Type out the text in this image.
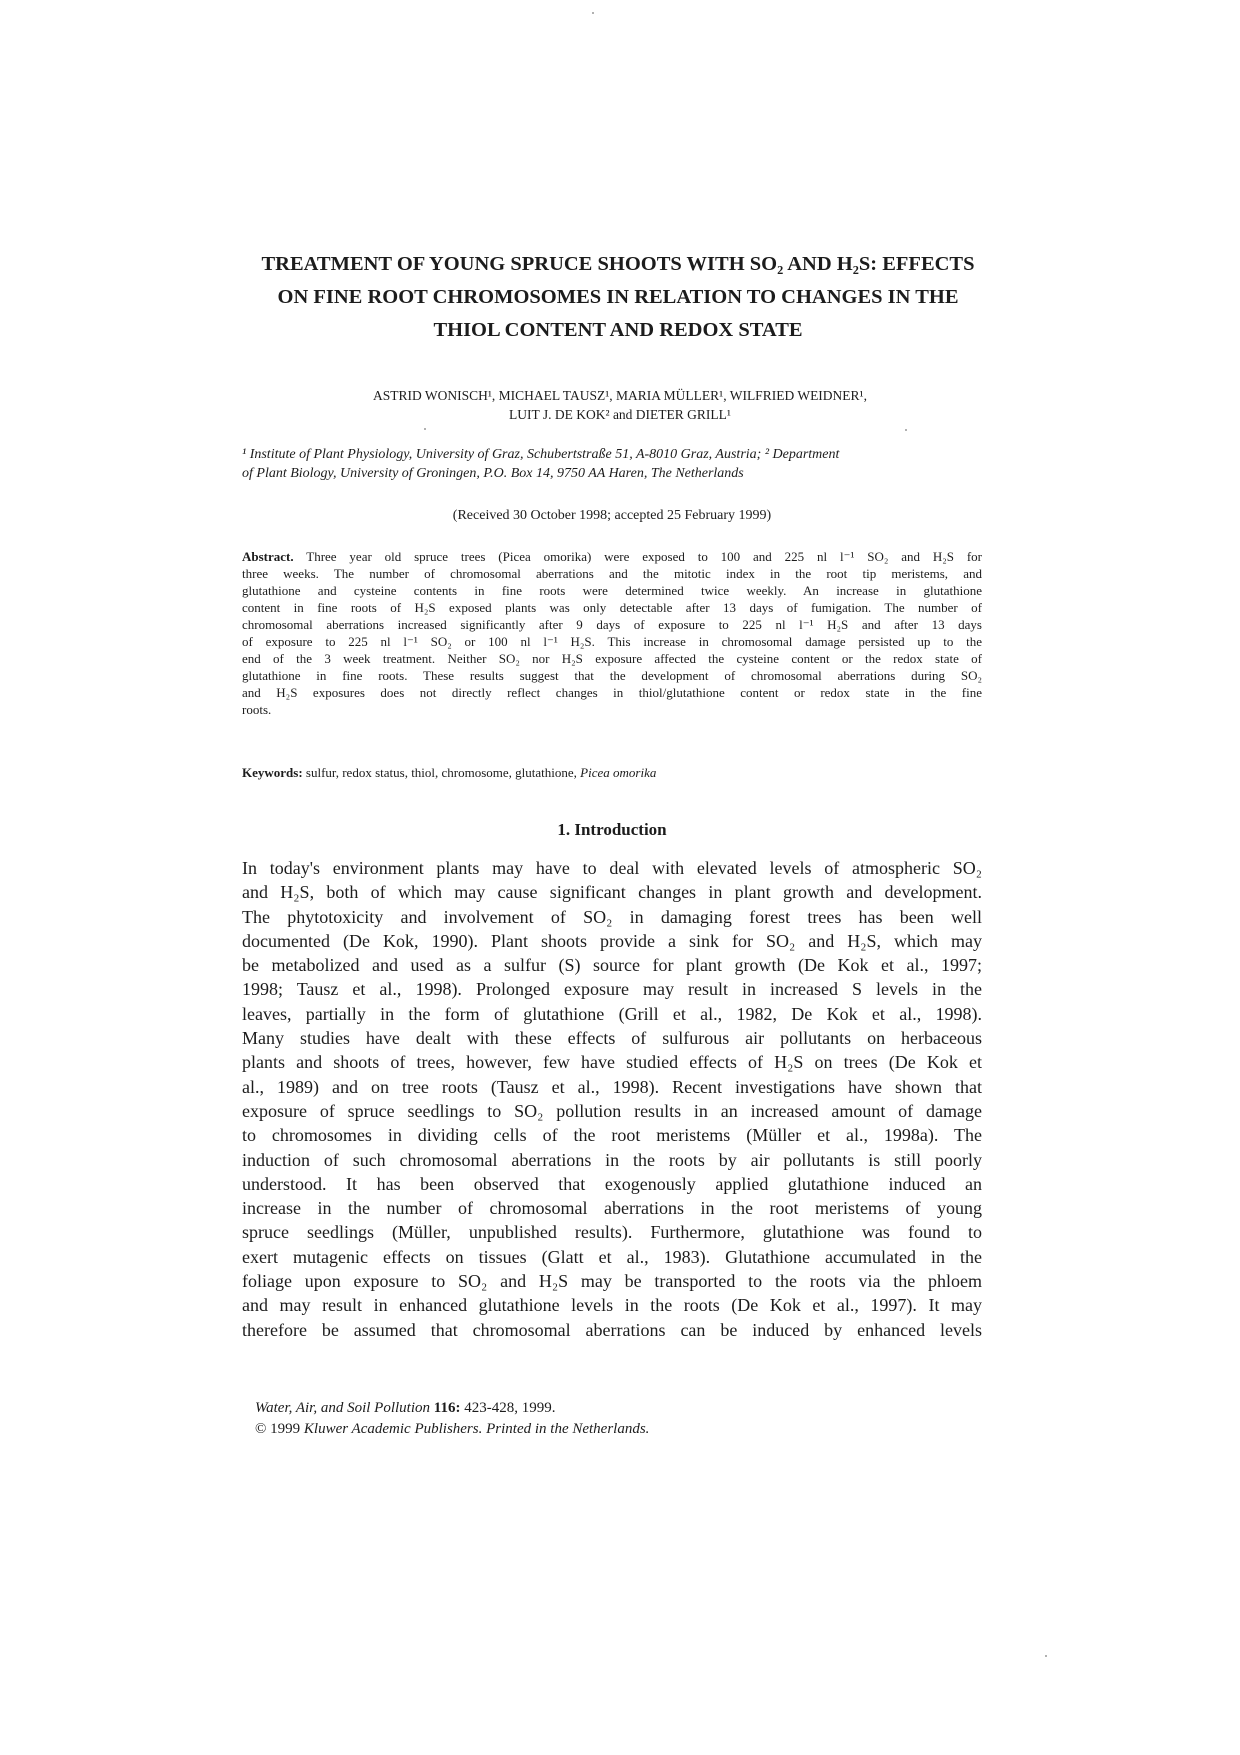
TREATMENT OF YOUNG SPRUCE SHOOTS WITH SO₂ AND H₂S: EFFECTS
ON FINE ROOT CHROMOSOMES IN RELATION TO CHANGES IN THE
THIOL CONTENT AND REDOX STATE
ASTRID WONISCH¹, MICHAEL TAUSZ¹, MARIA MÜLLER¹, WILFRIED WEIDNER¹,
LUIT J. DE KOK² and DIETER GRILL¹
¹ Institute of Plant Physiology, University of Graz, Schubertstraße 51, A-8010 Graz, Austria; ² Department
of Plant Biology, University of Groningen, P.O. Box 14, 9750 AA Haren, The Netherlands
(Received 30 October 1998; accepted 25 February 1999)
Abstract. Three year old spruce trees (Picea omorika) were exposed to 100 and 225 nl l⁻¹ SO₂ and H₂S for
three weeks. The number of chromosomal aberrations and the mitotic index in the root tip meristems, and
glutathione and cysteine contents in fine roots were determined twice weekly. An increase in glutathione
content in fine roots of H₂S exposed plants was only detectable after 13 days of fumigation. The number of
chromosomal aberrations increased significantly after 9 days of exposure to 225 nl l⁻¹ H₂S and after 13 days
of exposure to 225 nl l⁻¹ SO₂ or 100 nl l⁻¹ H₂S. This increase in chromosomal damage persisted up to the
end of the 3 week treatment. Neither SO₂ nor H₂S exposure affected the cysteine content or the redox state of
glutathione in fine roots. These results suggest that the development of chromosomal aberrations during SO₂
and H₂S exposures does not directly reflect changes in thiol/glutathione content or redox state in the fine
roots.
Keywords: sulfur, redox status, thiol, chromosome, glutathione, Picea omorika
1. Introduction
In today's environment plants may have to deal with elevated levels of atmospheric SO₂
and H₂S, both of which may cause significant changes in plant growth and development.
The phytotoxicity and involvement of SO₂ in damaging forest trees has been well
documented (De Kok, 1990). Plant shoots provide a sink for SO₂ and H₂S, which may
be metabolized and used as a sulfur (S) source for plant growth (De Kok et al., 1997;
1998; Tausz et al., 1998). Prolonged exposure may result in increased S levels in the
leaves, partially in the form of glutathione (Grill et al., 1982, De Kok et al., 1998).
Many studies have dealt with these effects of sulfurous air pollutants on herbaceous
plants and shoots of trees, however, few have studied effects of H₂S on trees (De Kok et
al., 1989) and on tree roots (Tausz et al., 1998). Recent investigations have shown that
exposure of spruce seedlings to SO₂ pollution results in an increased amount of damage
to chromosomes in dividing cells of the root meristems (Müller et al., 1998a). The
induction of such chromosomal aberrations in the roots by air pollutants is still poorly
understood. It has been observed that exogenously applied glutathione induced an
increase in the number of chromosomal aberrations in the root meristems of young
spruce seedlings (Müller, unpublished results). Furthermore, glutathione was found to
exert mutagenic effects on tissues (Glatt et al., 1983). Glutathione accumulated in the
foliage upon exposure to SO₂ and H₂S may be transported to the roots via the phloem
and may result in enhanced glutathione levels in the roots (De Kok et al., 1997). It may
therefore be assumed that chromosomal aberrations can be induced by enhanced levels
Water, Air, and Soil Pollution 116: 423-428, 1999.
© 1999 Kluwer Academic Publishers. Printed in the Netherlands.
